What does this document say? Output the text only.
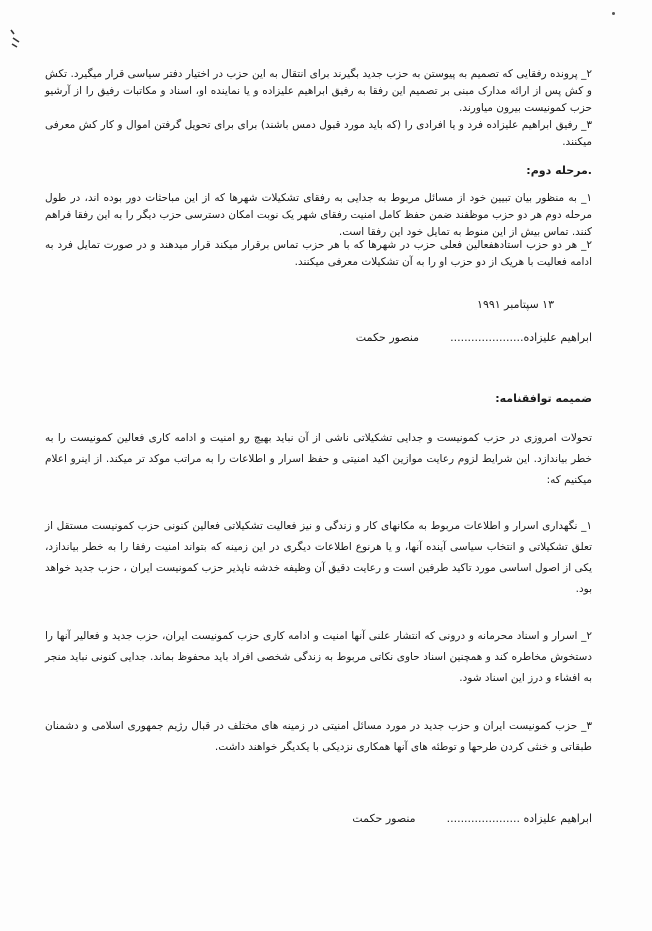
۲_ پرونده رفقایی که تصمیم به پیوستن به حزب جدید بگیرند برای انتقال به این حزب در اختیار دفتر سیاسی قرار میگیرد. تکش و کش پس از ارائه مدارک مبنی بر تصمیم این رفقا به رفیق ابراهیم علیزاده و یا نماینده او، اسناد و مکاتبات رفیق را از آرشیو حزب کمونیست بیرون میاورند.

۳_ رفیق ابراهیم علیزاده فرد و یا افرادی را (که باید مورد قبول دمس باشند) برای برای تحویل گرفتن اموال و کار کش معرفی میکنند.

.مرحله دوم:

۱_ به منظور بیان تبیین خود از مسائل مربوط به جدایی به رفقای تشکیلات شهرها که از این مباحثات دور بوده اند، در طول مرحله دوم هر دو حزب موظفند ضمن حفظ کامل امنیت رفقای شهر یک نوبت امکان دسترسی حزب دیگر را به این رفقا فراهم کنند. تماس بیش از این منوط به تمایل خود این رفقا است.

۲_ هر دو حزب استادهفعالین فعلی حزب در شهرها که با هر حزب تماس برقرار میکند قرار میدهند و در صورت تمایل فرد به ادامه فعالیت با هریک از دو حزب او را به آن تشکیلات معرفی میکنند.

۱۳ سپتامبر ۱۹۹۱
ابراهیم علیزاده.....................  منصور حکمت

ضمیمه توافقنامه:

تحولات امروزی در حزب کمونیست و جدایی تشکیلاتی ناشی از آن نباید بهیچ رو امنیت و ادامه کاری فعالین کمونیست را به خطر بیاندازد. این شرایط لزوم رعایت موازین اکید امنیتی و حفظ اسرار و اطلاعات را به مراتب موکد تر میکند. از اینرو اعلام میکنیم که:

۱_ نگهداری اسرار و اطلاعات مربوط به مکانهای کار و زندگی و نیز فعالیت تشکیلاتی فعالین کنونی حزب کمونیست مستقل از تعلق تشکیلاتی و انتخاب سیاسی آینده آنها، و یا هرنوع اطلاعات دیگری در این زمینه که بتواند امنیت رفقا را به خطر بیاندازد، یکی از اصول اساسی مورد تاکید طرفین است و رعایت دقیق آن وظیفه خدشه ناپذیر حزب کمونیست ایران ، حزب جدید خواهد بود.

۲_ اسرار و اسناد محرمانه و درونی که انتشار علنی آنها امنیت و ادامه کاری حزب کمونیست ایران، حزب جدید و فعالیر آنها را دستخوش مخاطره کند و همچنین اسناد حاوی نکاتی مربوط به زندگی شخصی افراد باید محفوظ بماند. جدایی کنونی نباید منجر به افشاء و درز این اسناد شود.

۳_ حزب کمونیست ایران و حزب جدید در مورد مسائل امنیتی در زمینه های مختلف در قبال رژیم جمهوری اسلامی و دشمنان طبقاتی و خنثی کردن طرحها و توطئه های آنها همکاری نزدیکی با یکدیگر خواهند داشت.

ابراهیم علیزاده .....................  منصور حکمت
